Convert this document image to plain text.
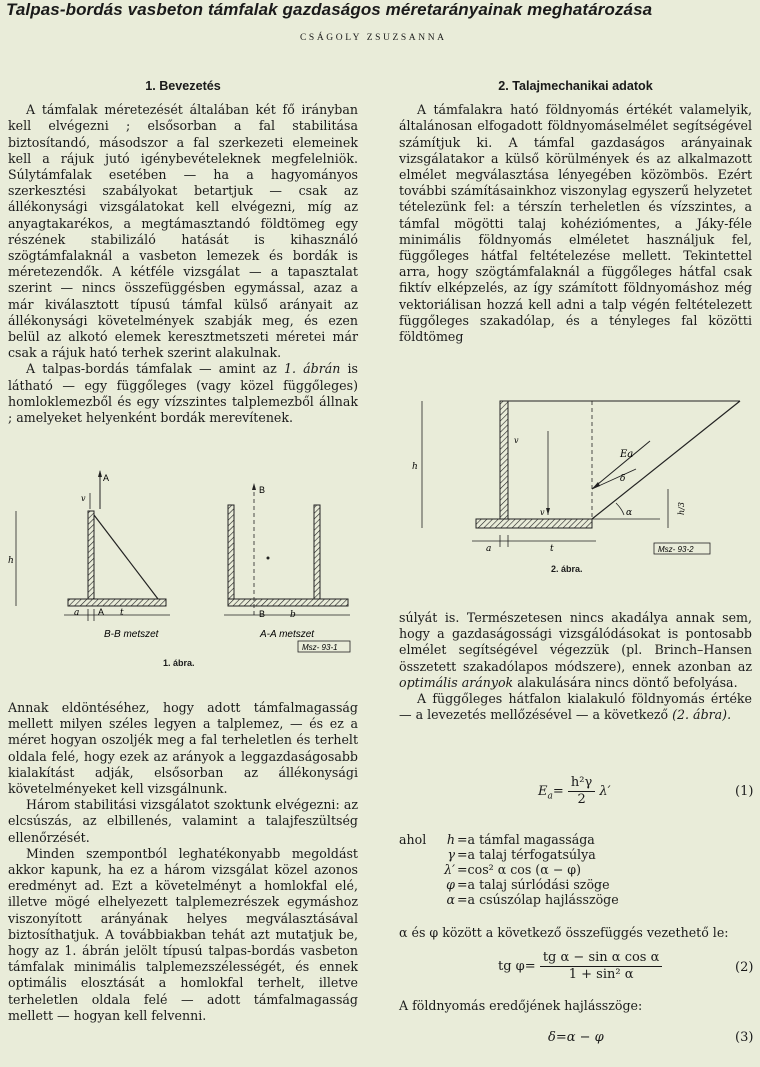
Talpas-bordás vasbeton támfalak gazdaságos méretarányainak meghatározása
CSÁGOLY ZSUZSANNA
1. Bevezetés

A támfalak méretezését általában két fő irányban kell elvégezni ; elsősorban a fal stabilitása biztosítandó, másodszor a fal szerkezeti elemeinek kell a rájuk jutó igénybevételeknek megfelelniök. Súlytámfalak esetében — ha a hagyományos szerkesztési szabályokat betartjuk — csak az állékonysági vizsgálatokat kell elvégezni, míg az anyagtakarékos, a megtámasztandó földtömeg egy részének stabilizáló hatását is kihasználó szögtámfalaknál a vasbeton lemezek és bordák is méretezendők. A kétféle vizsgálat — a tapasztalat szerint — nincs összefüggésben egymással, azaz a már kiválasztott típusú támfal külső arányait az állékonysági követelmények szabják meg, és ezen belül az alkotó elemek keresztmetszeti méretei már csak a rájuk ható terhek szerint alakulnak.

A talpas-bordás támfalak — amint az 1. ábrán is látható — egy függőleges (vagy közel függőleges) homloklemezből és egy vízszintes talplemezből állnak ; amelyeket helyenként bordák merevítenek.

A
v
h
a A t
B-B metszet
B
B	b
A-A metszet
Msz- 93-1
1. ábra.

Annak eldöntéséhez, hogy adott támfalmagasság mellett milyen széles legyen a talplemez, — és ez a méret hogyan oszoljék meg a fal terheletlen és terhelt oldala felé, hogy ezek az arányok a leggazdaságosabb kialakítást adják, elsősorban az állékonysági követelményeket kell vizsgálnunk.

Három stabilitási vizsgálatot szoktunk elvégezni: az elcsúszás, az elbillenés, valamint a talajfeszültség ellenőrzését.

Minden szempontból leghatékonyabb megoldást akkor kapunk, ha ez a három vizsgálat közel azonos eredményt ad. Ezt a követelményt a homlokfal elé, illetve mögé elhelyezett talplemezrészek egymáshoz viszonyított arányának helyes megválasztásával biztosíthatjuk. A továbbiakban tehát azt mutatjuk be, hogy az 1. ábrán jelölt típusú talpas-bordás vasbeton támfalak minimális talplemezszélességét, és ennek optimális elosztását a homlokfal terhelt, illetve terheletlen oldala felé — adott támfalmagasság mellett — hogyan kell felvenni.

2. Talajmechanikai adatok

A támfalakra ható földnyomás értékét valamelyik, általánosan elfogadott földnyomáselmélet segítségével számítjuk ki. A támfal gazdaságos arányainak vizsgálatakor a külső körülmények és az alkalmazott elmélet megválasztása lényegében közömbös. Ezért további számításainkhoz viszonylag egyszerű helyzetet tételezünk fel: a térszín terheletlen és vízszintes, a támfal mögötti talaj kohéziómentes, a Jáky-féle minimális földnyomás elméletet használjuk fel, függőleges hátfal feltételezése mellett. Tekintettel arra, hogy szögtámfalaknál a függőleges hátfal csak fiktív elképzelés, az így számított földnyomáshoz még vektoriálisan hozzá kell adni a talp végén feltételezett függőleges szakadólap, és a tényleges fal közötti földtömeg

Ea
δ
α
v
v
h
h/3
a	t	Msz- 93-2
2. ábra.

súlyát is. Természetesen nincs akadálya annak sem, hogy a gazdaságossági vizsgálódásokat is pontosabb elmélet segítségével végezzük (pl. Brinch–Hansen összetett szakadólapos módszere), ennek azonban az optimális arányok alakulására nincs döntő befolyása.

A függőleges hátfalon kialakuló földnyomás értéke — a levezetés mellőzésével — a következő (2. ábra).

$E_a= \frac{\text{h²γ}}{2} \lambda'$	(1)
ahol	h =a támfal magassága
γ =a talaj térfogatsúlya
λ′ =cos² α cos (α − φ)
φ =a talaj súrlódási szöge
α =a csúszólap hajlásszöge
α és φ között a következő összefüggés vezethető le:
tg $\varphi= \frac{\text{tg α − sin α cos α}}{\text{1 + sin² α}}$	(2)
A földnyomás eredőjének hajlásszöge:
δ=α − φ	(3)
